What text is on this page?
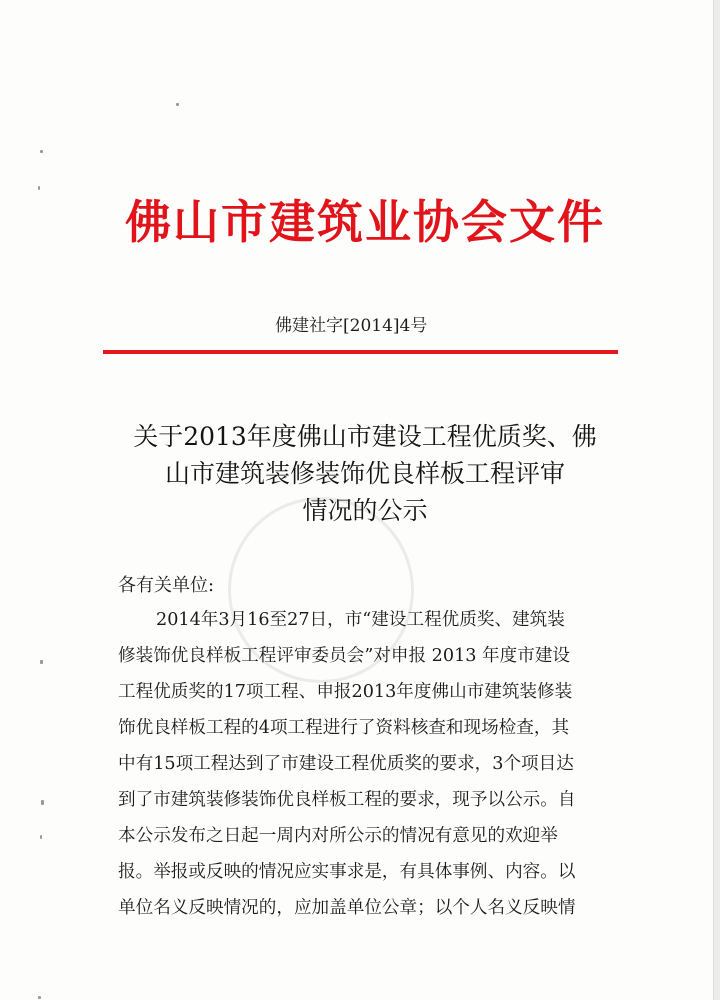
佛山市建筑业协会文件
佛建社字[2014]4号
关于2013年度佛山市建设工程优质奖、佛
山市建筑装修装饰优良样板工程评审
情况的公示
各有关单位:
2014年3月16至27日，市“建设工程优质奖、建筑装
修装饰优良样板工程评审委员会”对申报 2013 年度市建设
工程优质奖的17项工程、申报2013年度佛山市建筑装修装
饰优良样板工程的4项工程进行了资料核查和现场检查，其
中有15项工程达到了市建设工程优质奖的要求，3个项目达
到了市建筑装修装饰优良样板工程的要求，现予以公示。自
本公示发布之日起一周内对所公示的情况有意见的欢迎举
报。举报或反映的情况应实事求是，有具体事例、内容。以
单位名义反映情况的，应加盖单位公章；以个人名义反映情
